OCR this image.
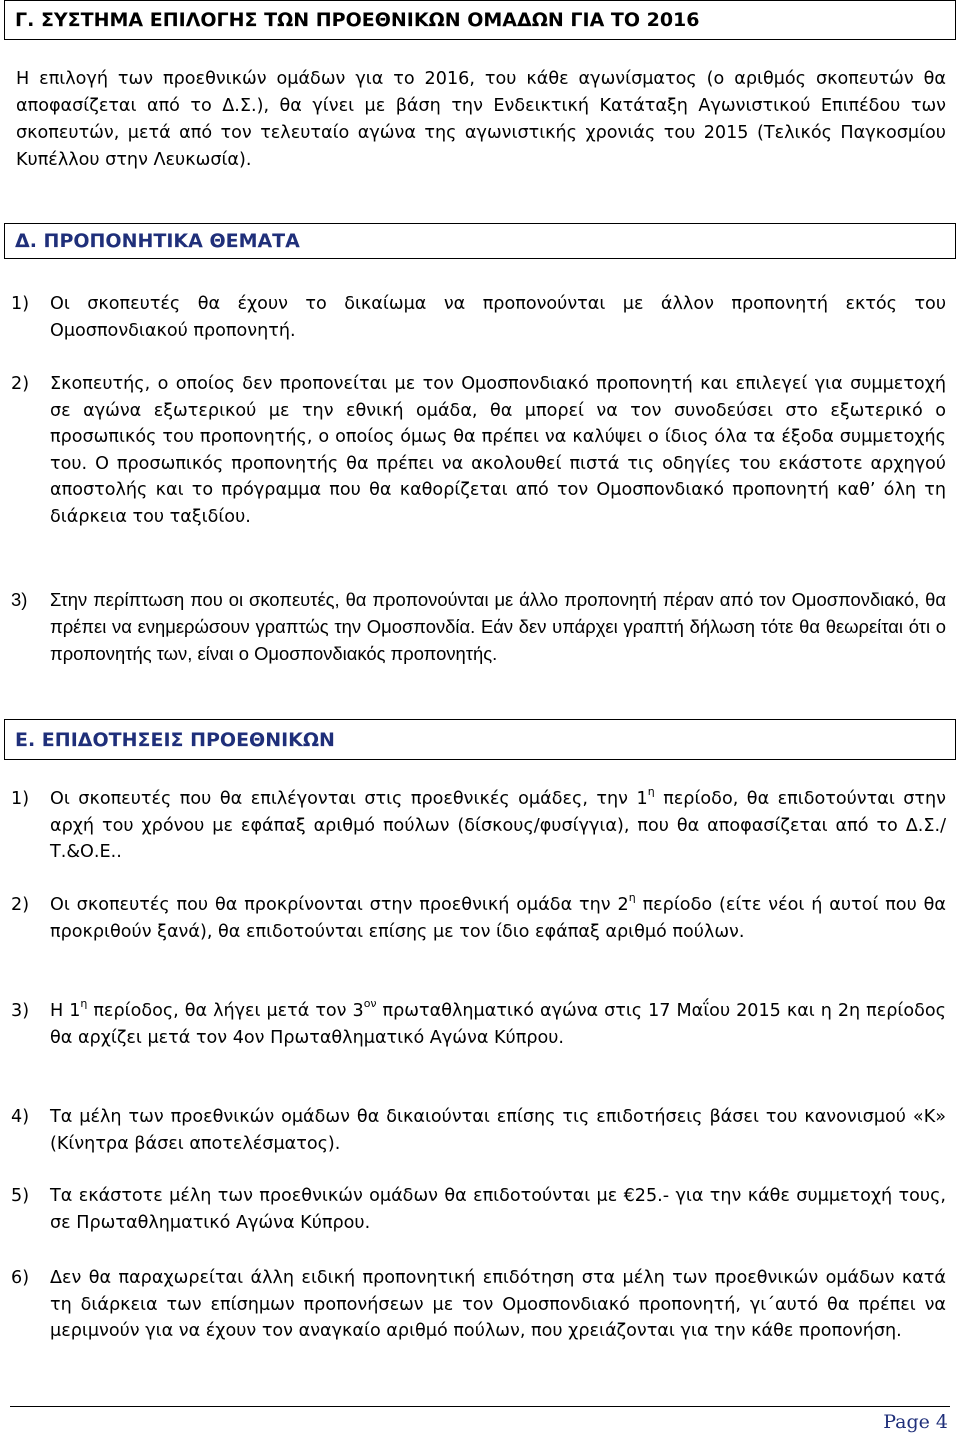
Γ. ΣΥΣΤΗΜΑ ΕΠΙΛΟΓΗΣ ΤΩΝ ΠΡΟΕΘΝΙΚΩΝ ΟΜΑΔΩΝ ΓΙΑ ΤΟ 2016

Η επιλογή των προεθνικών ομάδων για το 2016, του κάθε αγωνίσματος (ο αριθμός σκοπευτών θα αποφασίζεται από το Δ.Σ.), θα γίνει με βάση την Ενδεικτική Κατάταξη Αγωνιστικού Επιπέδου των σκοπευτών, μετά από τον τελευταίο αγώνα της αγωνιστικής χρονιάς του 2015 (Τελικός Παγκοσμίου Κυπέλλου στην Λευκωσία).

Δ. ΠΡΟΠΟΝΗΤΙΚΑ ΘΕΜΑΤΑ
1) Οι σκοπευτές θα έχουν το δικαίωμα να προπονούνται με άλλον προπονητή εκτός του Ομοσπονδιακού προπονητή.
2) Σκοπευτής, ο οποίος δεν προπονείται με τον Ομοσπονδιακό προπονητή και επιλεγεί για συμμετοχή σε αγώνα εξωτερικού με την εθνική ομάδα, θα μπορεί να τον συνοδεύσει στο εξωτερικό ο προσωπικός του προπονητής, ο οποίος όμως θα πρέπει να καλύψει ο ίδιος όλα τα έξοδα συμμετοχής του. Ο προσωπικός προπονητής θα πρέπει να ακολουθεί πιστά τις οδηγίες του εκάστοτε αρχηγού αποστολής και το πρόγραμμα που θα καθορίζεται από τον Ομοσπονδιακό προπονητή καθ’ όλη τη διάρκεια του ταξιδίου.
3) Στην περίπτωση που οι σκοπευτές, θα προπονούνται με άλλο προπονητή πέραν από τον Ομοσπονδιακό, θα πρέπει να ενημερώσουν γραπτώς την Ομοσπονδία. Εάν δεν υπάρχει γραπτή δήλωση τότε θα θεωρείται ότι ο προπονητής των, είναι ο Ομοσπονδιακός προπονητής.
Ε. ΕΠΙΔΟΤΗΣΕΙΣ ΠΡΟΕΘΝΙΚΩΝ
1) Οι σκοπευτές που θα επιλέγονται στις προεθνικές ομάδες, την $1^\eta$ περίοδο, θα επιδοτούνται στην αρχή του χρόνου με εφάπαξ αριθμό πούλων (δίσκους/φυσίγγια), που θα αποφασίζεται από το Δ.Σ./Τ.&Ο.Ε..
2) Οι σκοπευτές που θα προκρίνονται στην προεθνική ομάδα την $2^\eta$ περίοδο (είτε νέοι ή αυτοί που θα προκριθούν ξανά), θα επιδοτούνται επίσης με τον ίδιο εφάπαξ αριθμό πούλων.
3) Η $1^\eta$ περίοδος, θα λήγει μετά τον $3^{o\nu}$ πρωταθληματικό αγώνα στις 17 Μαΐου 2015 και η 2η περίοδος θα αρχίζει μετά τον 4ον Πρωταθληματικό Αγώνα Κύπρου.
4) Τα μέλη των προεθνικών ομάδων θα δικαιούνται επίσης τις επιδοτήσεις βάσει του κανονισμού «Κ» (Κίνητρα βάσει αποτελέσματος).
5) Τα εκάστοτε μέλη των προεθνικών ομάδων θα επιδοτούνται με €25.- για την κάθε συμμετοχή τους, σε Πρωταθληματικό Αγώνα Κύπρου.
6) Δεν θα παραχωρείται άλλη ειδική προπονητική επιδότηση στα μέλη των προεθνικών ομάδων κατά τη διάρκεια των επίσημων προπονήσεων με τον Ομοσπονδιακό προπονητή, γι΄αυτό θα πρέπει να μεριμνούν για να έχουν τον αναγκαίο αριθμό πούλων, που χρειάζονται για την κάθε προπονήση.
Page 4
